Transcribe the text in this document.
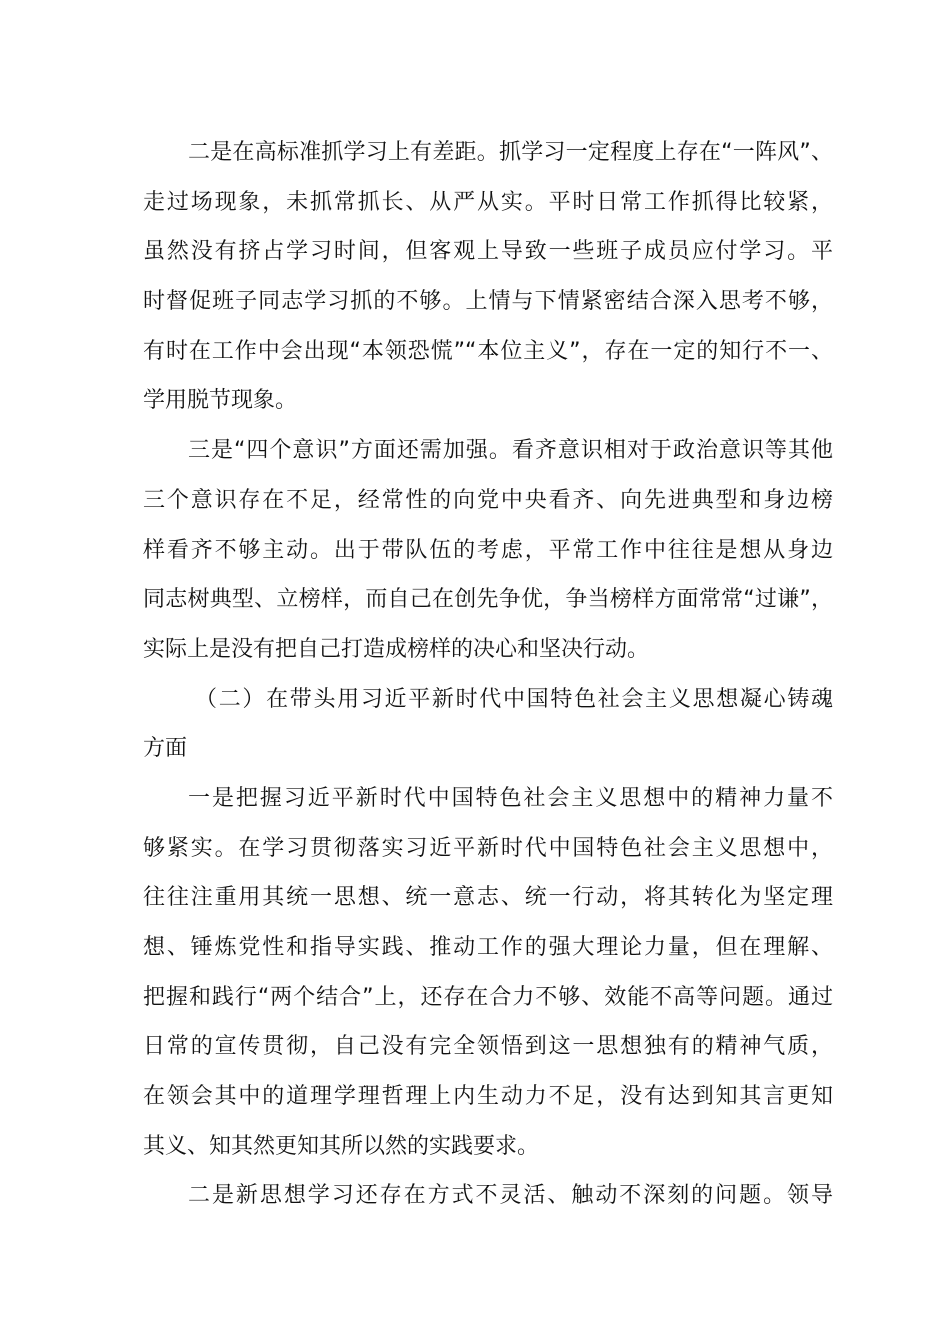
二是在高标准抓学习上有差距。抓学习一定程度上存在“一阵风”、
走过场现象，未抓常抓长、从严从实。平时日常工作抓得比较紧，
虽然没有挤占学习时间，但客观上导致一些班子成员应付学习。平
时督促班子同志学习抓的不够。上情与下情紧密结合深入思考不够，
有时在工作中会出现“本领恐慌”“本位主义”，存在一定的知行不一、
学用脱节现象。
三是“四个意识”方面还需加强。看齐意识相对于政治意识等其他
三个意识存在不足，经常性的向党中央看齐、向先进典型和身边榜
样看齐不够主动。出于带队伍的考虑，平常工作中往往是想从身边
同志树典型、立榜样，而自己在创先争优，争当榜样方面常常“过谦”，
实际上是没有把自己打造成榜样的决心和坚决行动。
（二）在带头用习近平新时代中国特色社会主义思想凝心铸魂
方面
一是把握习近平新时代中国特色社会主义思想中的精神力量不
够紧实。在学习贯彻落实习近平新时代中国特色社会主义思想中，
往往注重用其统一思想、统一意志、统一行动，将其转化为坚定理
想、锤炼党性和指导实践、推动工作的强大理论力量，但在理解、
把握和践行“两个结合”上，还存在合力不够、效能不高等问题。通过
日常的宣传贯彻，自己没有完全领悟到这一思想独有的精神气质，
在领会其中的道理学理哲理上内生动力不足，没有达到知其言更知
其义、知其然更知其所以然的实践要求。
二是新思想学习还存在方式不灵活、触动不深刻的问题。领导
